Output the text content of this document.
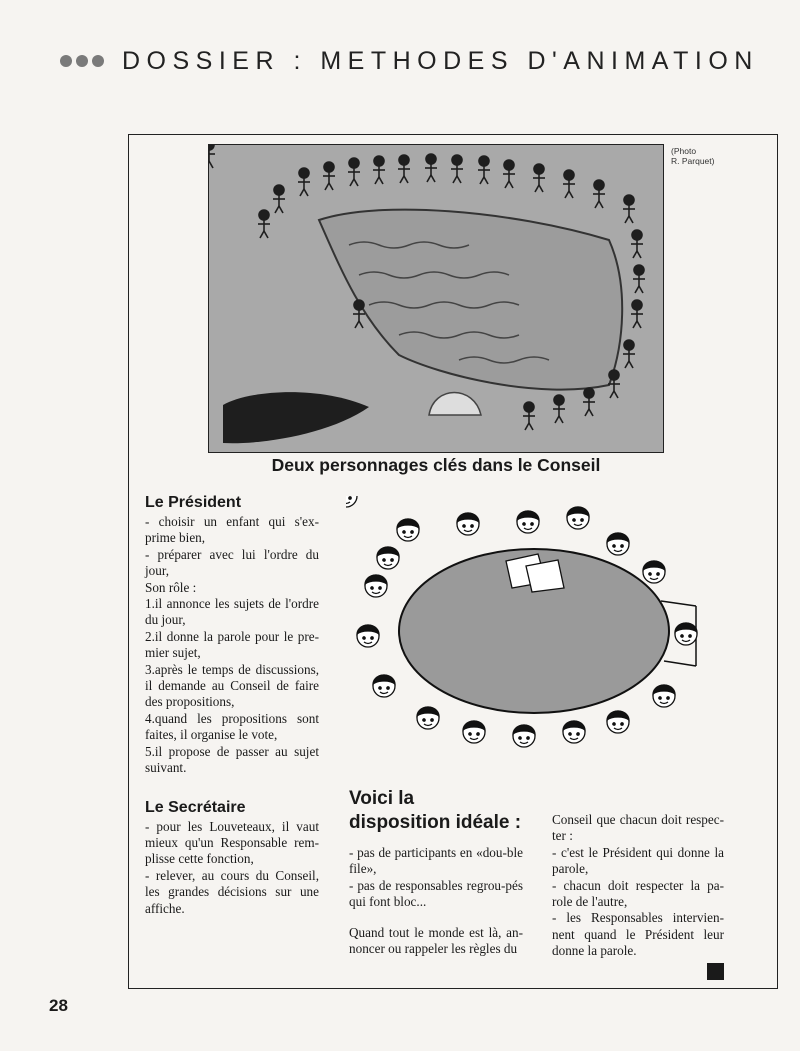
DOSSIER : METHODES D'ANIMATION
(Photo
R. Parquet)
Deux personnages clés dans le Conseil
Le Président

- choisir un enfant qui s'ex-prime bien,

- préparer avec lui l'ordre du jour,

Son rôle :

1.il annonce les sujets de l'ordre du jour,

2.il donne la parole pour le pre-mier sujet,

3.après le temps de discussions, il demande au Conseil de faire des propositions,

4.quand les propositions sont faites, il organise le vote,

5.il propose de passer au sujet suivant.

Le Secrétaire

- pour les Louveteaux, il vaut mieux qu'un Responsable rem-plisse cette fonction,

- relever, au cours du Conseil, les grandes décisions sur une affiche.

Voici la
disposition idéale :

- pas de participants en «dou-ble file»,

- pas de responsables regrou-pés qui font bloc...

Quand tout le monde est là, an-noncer ou rappeler les règles du

Conseil que chacun doit respec-ter :

- c'est le Président qui donne la parole,

- chacun doit respecter la pa-role de l'autre,

- les Responsables intervien-nent quand le Président leur donne la parole.

28
